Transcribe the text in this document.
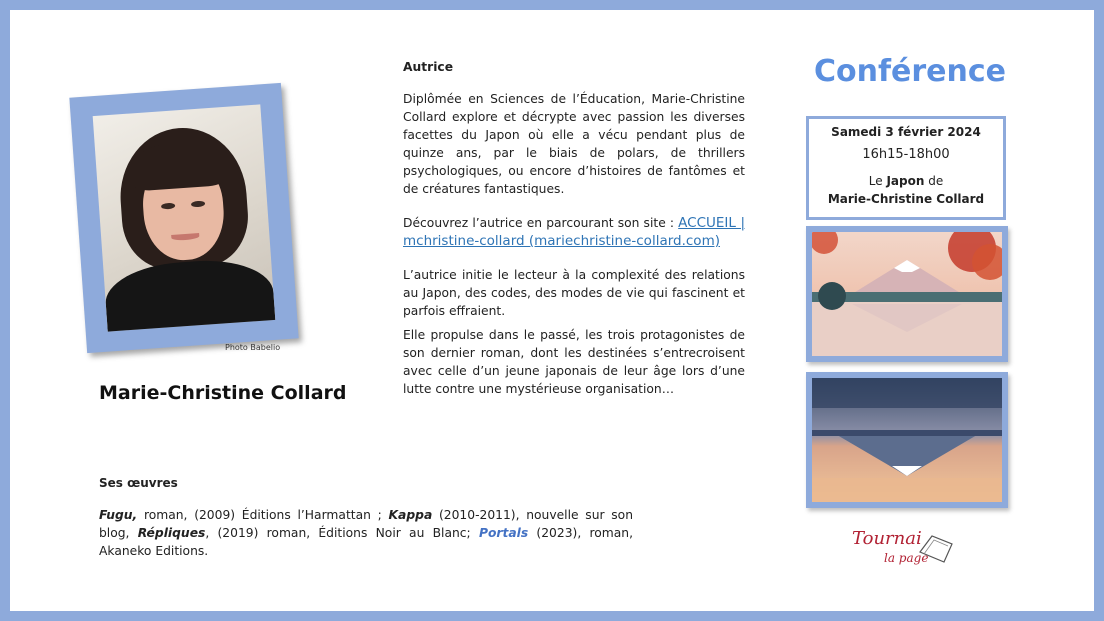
Photo Babelio
Marie-Christine Collard
Ses œuvres
Fugu, roman, (2009) Éditions l’Harmattan ; Kappa (2010-2011), nouvelle sur son blog, Répliques, (2019) roman, Éditions Noir au Blanc; Portals (2023), roman, Akaneko Editions.
Autrice

Diplômée en Sciences de l’Éducation, Marie-Christine Collard explore et décrypte avec passion les diverses facettes du Japon où elle a vécu pendant plus de quinze ans, par le biais de polars, de thrillers psychologiques, ou encore d’histoires de fantômes et de créatures fantastiques.

Découvrez l’autrice en parcourant son site : ACCUEIL | mchristine-collard (mariechristine-collard.com)

L’autrice initie le lecteur à la complexité des relations au Japon, des codes, des modes de vie qui fascinent et parfois effraient.

Elle propulse dans le passé, les trois protagonistes de son dernier roman, dont les destinées s’entrecroisent avec celle d’un jeune japonais de leur âge lors d’une lutte contre une mystérieuse organisation…

Conférence
Samedi 3 février 2024
16h15-18h00
Le Japon de
Marie-Christine Collard
Tournai
la page
